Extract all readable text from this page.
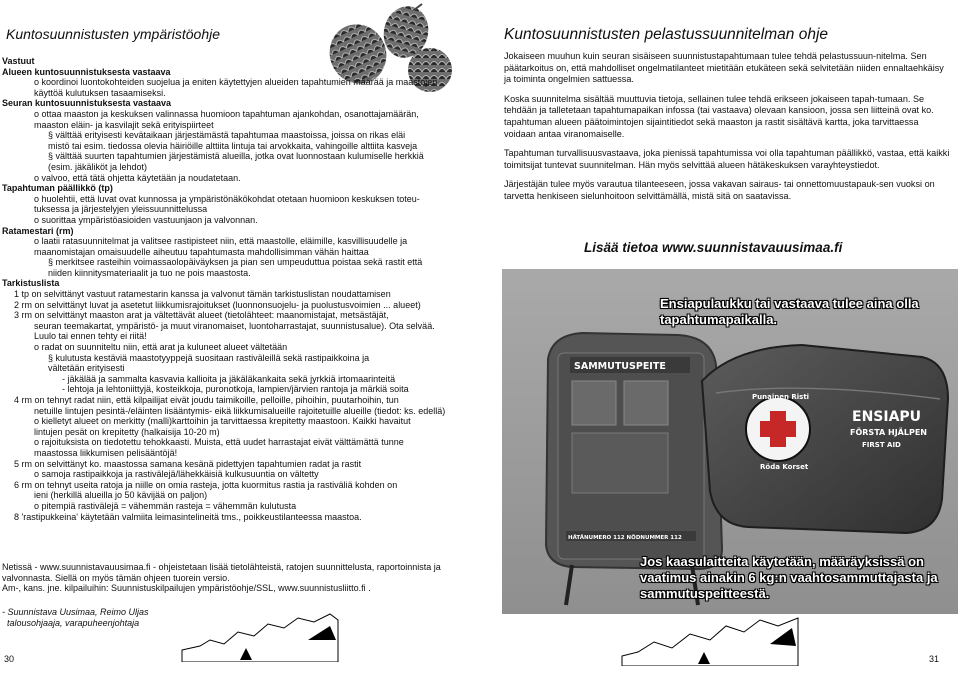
Kuntosuunnistusten ympäristöohje
Vastuut
Alueen kuntosuunnistuksesta vastaava
o koordinoi luontokohteiden suojelua ja eniten käytettyjen alueiden tapahtumien määrää ja maastojen
käyttöä kulutuksen tasaamiseksi.
Seuran kuntosuunnistuksesta vastaava
o ottaa maaston ja keskuksen valinnassa huomioon tapahtuman ajankohdan, osanottajamäärän,
maaston eläin- ja kasvilajit sekä erityispiirteet
§ välttää erityisesti kevätaikaan järjestämästä tapahtumaa maastoissa, joissa on rikas eläi
mistö tai esim. tiedossa olevia häiriöille alttiita lintuja tai arvokkaita, vahingoille alttiita kasveja
§ välttää suurten tapahtumien järjestämistä alueilla, jotka ovat luonnostaan kulumiselle herkkiä
(esim. jäkäliköt ja lehdot)
o valvoo, että tätä ohjetta käytetään ja noudatetaan.
Tapahtuman päällikkö (tp)
o huolehtii, että luvat ovat kunnossa ja ympäristönäkökohdat otetaan huomioon keskuksen toteu-
tuksessa ja järjestelyjen yleissuunnittelussa
o suorittaa ympäristöasioiden vastuunjaon ja valvonnan.
Ratamestari (rm)
o laatii ratasuunnitelmat ja valitsee rastipisteet niin, että maastolle, eläimille, kasvillisuudelle ja
maanomistajan omaisuudelle aiheutuu tapahtumasta mahdollisimman vähän haittaa
§ merkitsee rasteihin voimassaolopäiväyksen ja pian sen umpeuduttua poistaa sekä rastit että
niiden kiinnitysmateriaalit ja tuo ne pois maastosta.
Tarkistuslista
1 tp on selvittänyt vastuut ratamestarin kanssa ja valvonut tämän tarkistuslistan noudattamisen
2 rm on selvittänyt luvat ja asetetut liikkumisrajoitukset (luonnonsuojelu- ja puolustusvoimien ... alueet)
3 rm on selvittänyt maaston arat ja vältettävät alueet (tietolähteet: maanomistajat, metsästäjät,
seuran teemakartat, ympäristö- ja muut viranomaiset, luontoharrastajat, suunnistusalue). Ota selvää.
Luulo tai ennen tehty ei riitä!
o radat on suunniteltu niin, että arat ja kuluneet alueet vältetään
§ kulutusta kestäviä maastotyyppejä suositaan rastiväleillä sekä rastipaikkoina ja
vältetään erityisesti
- jäkälää ja sammalta kasvavia kallioita ja jäkäläkankaita sekä jyrkkiä irtomaarinteitä
- lehtoja ja lehtoniittyjä, kosteikkoja, puronotkoja, lampien/järvien rantoja ja märkiä soita
4 rm on tehnyt radat niin, että kilpailijat eivät joudu taimikoille, pelloille, pihoihin, puutarhoihin, tun
netuille lintujen pesintä-/eläinten lisääntymis- eikä liikkumisalueille rajoitetuille alueille (tiedot: ks. edellä)
o kielletyt alueet on merkitty (malli)karttoihin ja tarvittaessa krepitetty maastoon. Kaikki havaitut
lintujen pesät on krepitetty (halkaisija 10-20 m)
o rajoituksista on tiedotettu tehokkaasti. Muista, että uudet harrastajat eivät välttämättä tunne
maastossa liikkumisen pelisääntöjä!
5 rm on selvittänyt ko. maastossa samana kesänä pidettyjen tapahtumien radat ja rastit
o samoja rastipaikkoja ja rastivälejä/lähekkäisiä kulkusuuntia on vältetty
6 rm on tehnyt useita ratoja ja niille on omia rasteja, jotta kuormitus rastia ja rastiväliä kohden on
ieni (herkillä alueilla jo 50 kävijää on paljon)
o pitempiä rastivälejä = vähemmän rasteja = vähemmän kulutusta
8 'rastipukkeina' käytetään valmiita leimasintelineitä tms., poikkeustilanteessa maastoa.
Netissä - www.suunnistavauusimaa.fi - ohjeistetaan lisää tietolähteistä, ratojen suunnittelusta, raportoinnista ja
valvonnasta. Siellä on myös tämän ohjeen tuorein versio.
Am-, kans. jne. kilpailuihin: Suunnistuskilpailujen ympäristöohje/SSL, www.suunnistusliitto.fi .
- Suunnistava Uusimaa, Reimo Uljas
talousohjaaja, varapuheenjohtaja
30
Kuntosuunnistusten pelastussuunnitelman ohje

Jokaiseen muuhun kuin seuran sisäiseen suunnistustapahtumaan tulee tehdä pelastussuun-nitelma. Sen päätarkoitus on, että mahdolliset ongelmatilanteet mietitään etukäteen sekä selvitetään niiden ennaltaehkäisy ja toiminta ongelmien sattuessa.

Koska suunnitelma sisältää muuttuvia tietoja, sellainen tulee tehdä erikseen jokaiseen tapah-tumaan. Se tehdään ja talletetaan tapahtumapaikan infossa (tai vastaava) olevaan kansioon, jossa sen liitteinä ovat ko. tapahtuman alueen päätoimintojen sijaintitiedot sekä maaston ja rastit sisältävä kartta, joka tarvittaessa voidaan antaa viranomaiselle.

Tapahtuman turvallisuusvastaava, joka pienissä tapahtumissa voi olla tapahtuman päällikkö, vastaa, että kaikki toimitsijat tuntevat suunnitelman. Hän myös selvittää alueen hätäkeskuksen varayhteystiedot.

Järjestäjän tulee myös varautua tilanteeseen, jossa vakavan sairaus- tai onnettomuustapauk-sen vuoksi on tarvetta henkiseen sielunhoitoon selvittämällä, mistä sitä on saatavissa.

Lisää tietoa www.suunnistavauusimaa.fi
SAMMUTUSPEITE
HÄTÄNUMERO 112 NÖDNUMMER 112
Punainen Risti
Röda Korset
ENSIAPU
FÖRSTA HJÄLPEN
FIRST AID
Ensiapulaukku tai vastaava tulee aina olla tapahtumapaikalla.
Jos kaasulaitteita käytetään, määräyksissä on vaatimus ainakin 6 kg:n vaahtosammuttajasta ja sammutuspeitteestä.
31
